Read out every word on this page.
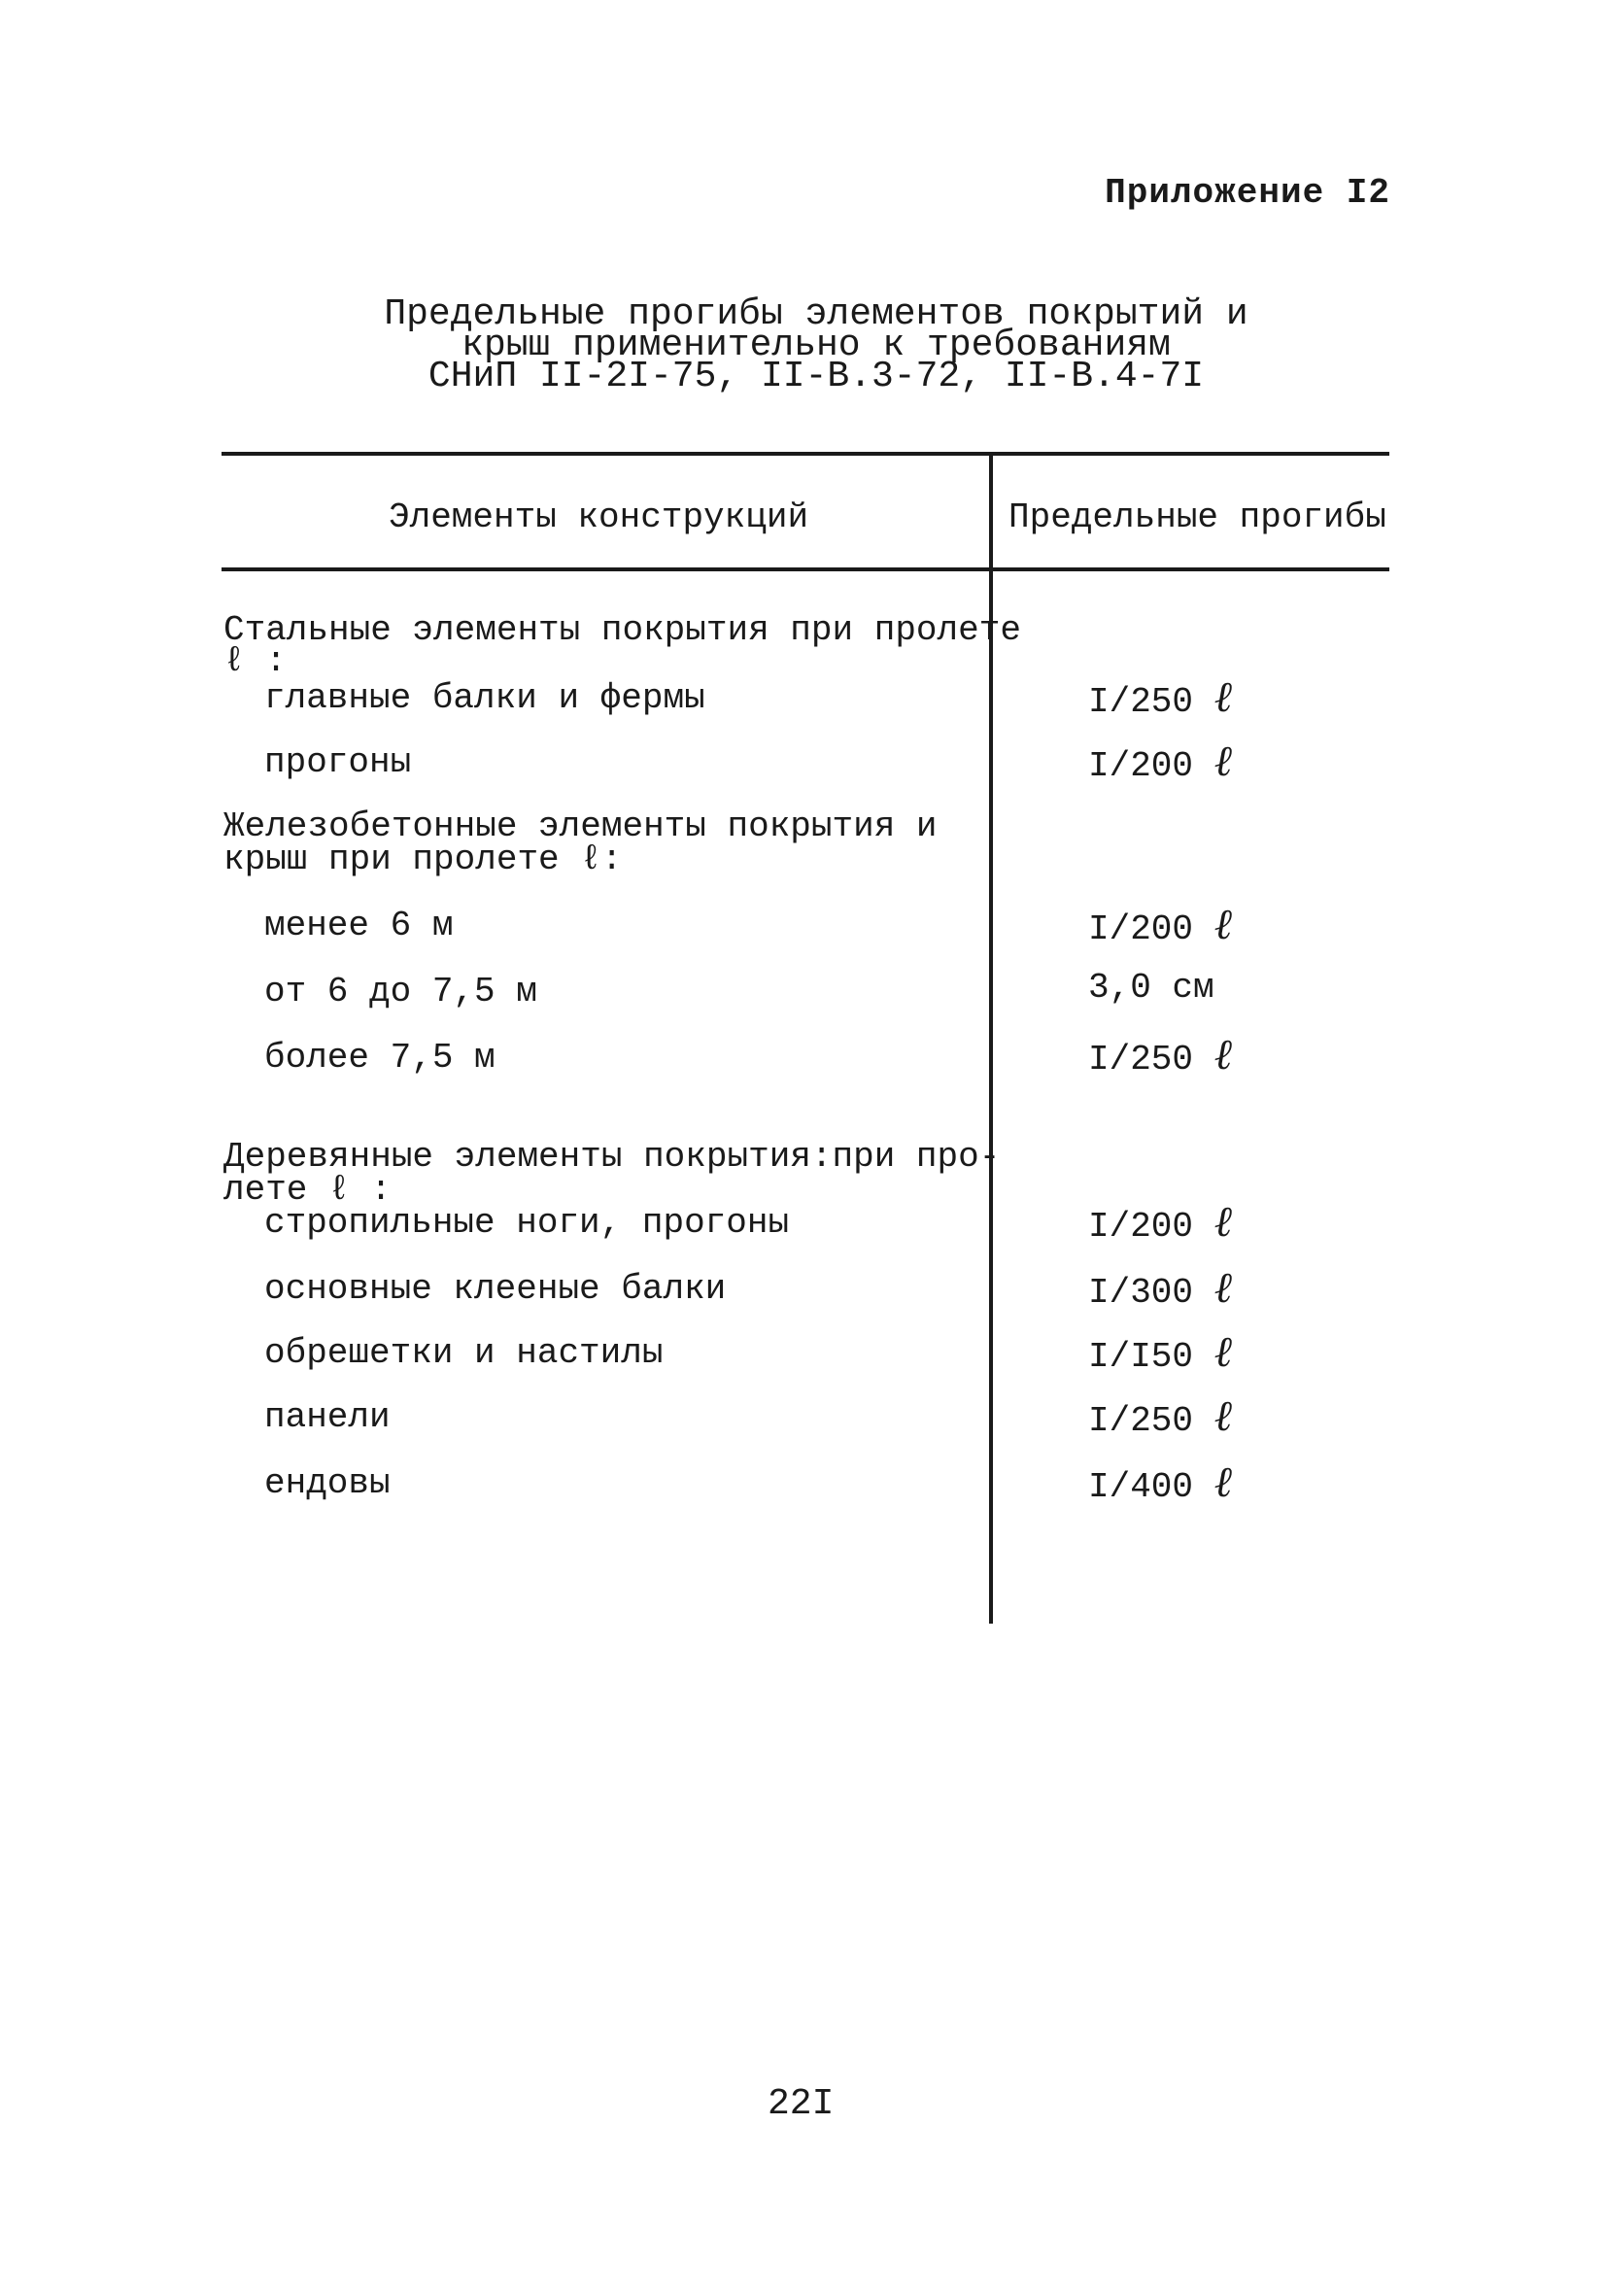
Приложение I2
Предельные прогибы элементов покрытий и
крыш применительно к требованиям
СНиП II-2I-75, II-В.3-72, II-В.4-7I
Элементы конструкций	Предельные прогибы
Стальные элементы покрытия при пролете
ℓ :
главные балки и фермы	I/250 ℓ
прогоны	I/200 ℓ
Железобетонные элементы покрытия и
крыш при пролете ℓ:
менее 6 м	I/200 ℓ
от 6 до 7,5 м	3,0 см
более 7,5 м	I/250 ℓ
Деревянные элементы покрытия:при про-
лете ℓ :
стропильные ноги, прогоны	I/200 ℓ
основные клееные балки	I/300 ℓ
обрешетки и настилы	I/I50 ℓ
панели	I/250 ℓ
ендовы	I/400 ℓ
22I
